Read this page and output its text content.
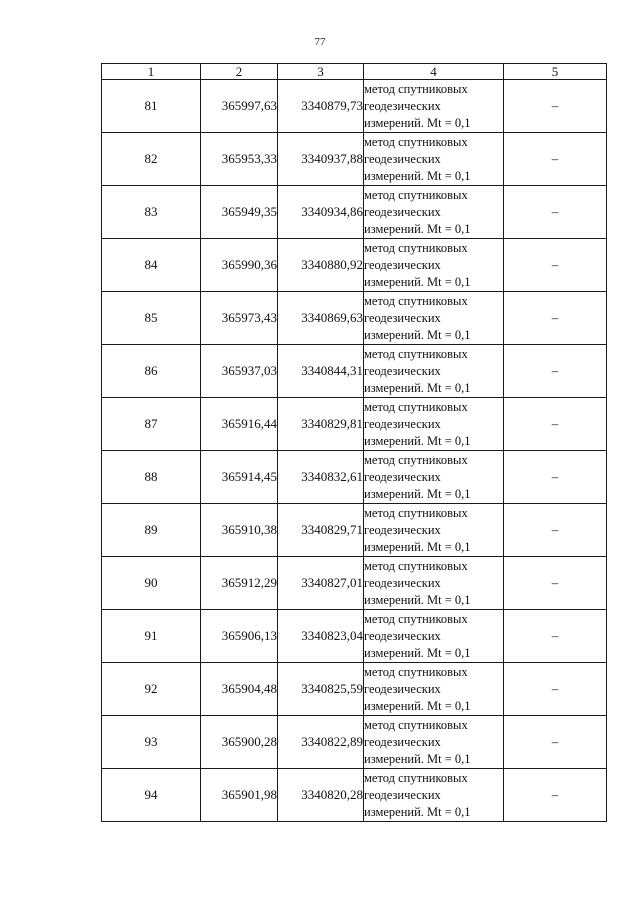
77
1	2	3	4	5
81	365997,63	3340879,73	метод спутниковых
геодезических
измерений. Mt = 0,1	–
82	365953,33	3340937,88	метод спутниковых
геодезических
измерений. Mt = 0,1	–
83	365949,35	3340934,86	метод спутниковых
геодезических
измерений. Mt = 0,1	–
84	365990,36	3340880,92	метод спутниковых
геодезических
измерений. Mt = 0,1	–
85	365973,43	3340869,63	метод спутниковых
геодезических
измерений. Mt = 0,1	–
86	365937,03	3340844,31	метод спутниковых
геодезических
измерений. Mt = 0,1	–
87	365916,44	3340829,81	метод спутниковых
геодезических
измерений. Mt = 0,1	–
88	365914,45	3340832,61	метод спутниковых
геодезических
измерений. Mt = 0,1	–
89	365910,38	3340829,71	метод спутниковых
геодезических
измерений. Mt = 0,1	–
90	365912,29	3340827,01	метод спутниковых
геодезических
измерений. Mt = 0,1	–
91	365906,13	3340823,04	метод спутниковых
геодезических
измерений. Mt = 0,1	–
92	365904,48	3340825,59	метод спутниковых
геодезических
измерений. Mt = 0,1	–
93	365900,28	3340822,89	метод спутниковых
геодезических
измерений. Mt = 0,1	–
94	365901,98	3340820,28	метод спутниковых
геодезических
измерений. Mt = 0,1	–
